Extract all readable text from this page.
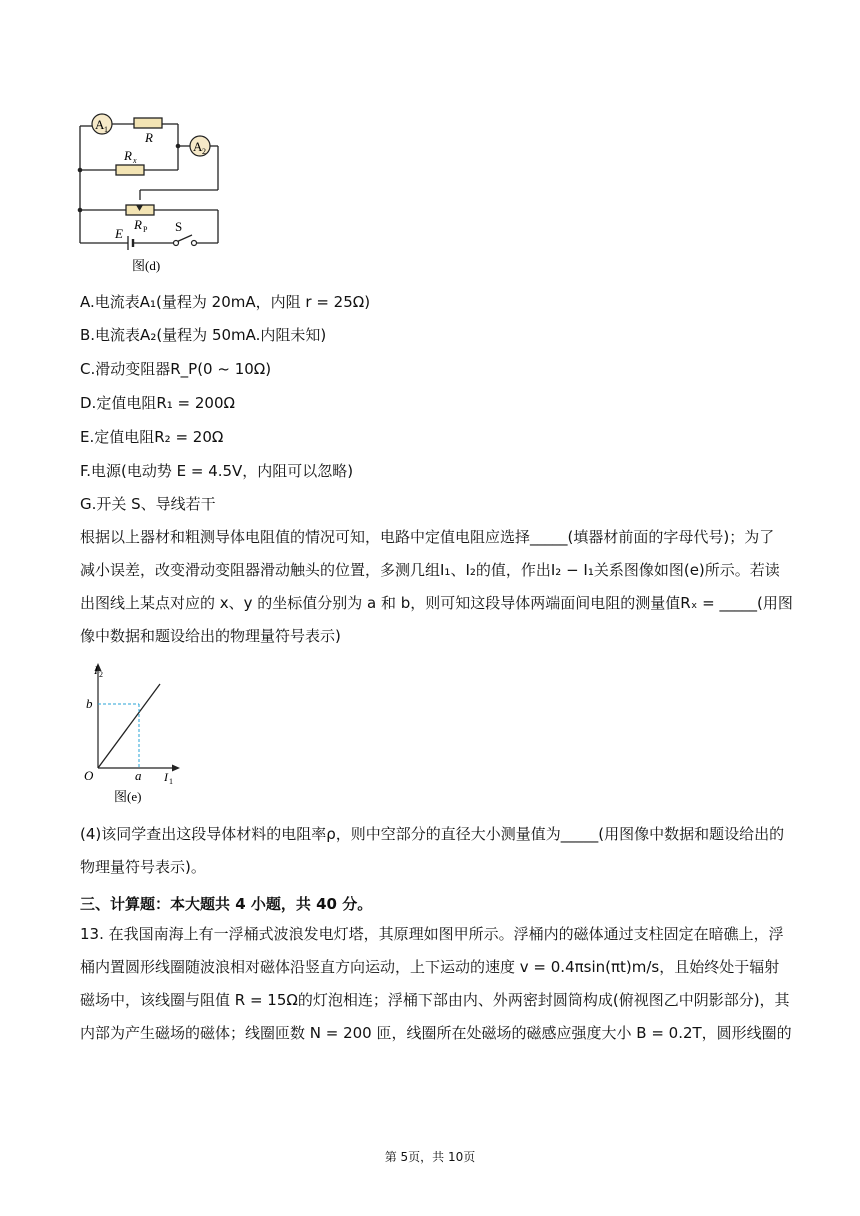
A 1
A 2
R
R x
R P
E	S
图(d)
A.电流表A₁(量程为 20mA，内阻 r = 25Ω)
B.电流表A₂(量程为 50mA.内阻未知)
C.滑动变阻器R_P(0 ~ 10Ω)
D.定值电阻R₁ = 200Ω
E.定值电阻R₂ = 20Ω
F.电源(电动势 E = 4.5V，内阻可以忽略)
G.开关 S、导线若干
根据以上器材和粗测导体电阻值的情况可知，电路中定值电阻应选择_____(填器材前面的字母代号)；为了
减小误差，改变滑动变阻器滑动触头的位置，多测几组I₁、I₂的值，作出I₂ − I₁关系图像如图(e)所示。若读
出图线上某点对应的 x、y 的坐标值分别为 a 和 b，则可知这段导体两端面间电阻的测量值Rₓ = _____(用图
像中数据和题设给出的物理量符号表示)
I 2
I 1
O
b
a
图(e)
(4)该同学查出这段导体材料的电阻率ρ，则中空部分的直径大小测量值为_____(用图像中数据和题设给出的
物理量符号表示)。
三、计算题：本大题共 4 小题，共 40 分。
13. 在我国南海上有一浮桶式波浪发电灯塔，其原理如图甲所示。浮桶内的磁体通过支柱固定在暗礁上，浮
桶内置圆形线圈随波浪相对磁体沿竖直方向运动，上下运动的速度 v = 0.4πsin(πt)m/s，且始终处于辐射
磁场中，该线圈与阻值 R = 15Ω的灯泡相连；浮桶下部由内、外两密封圆筒构成(俯视图乙中阴影部分)，其
内部为产生磁场的磁体；线圈匝数 N = 200 匝，线圈所在处磁场的磁感应强度大小 B = 0.2T，圆形线圈的
第 5页，共 10页
